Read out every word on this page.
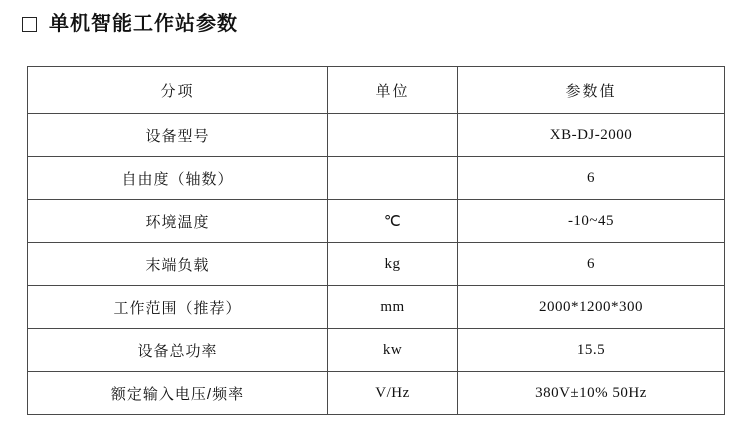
单机智能工作站参数
分项	单位	参数值
设备型号		XB-DJ-2000
自由度（轴数）		6
环境温度	℃	-10~45
末端负载	kg	6
工作范围（推荐）	mm	2000*1200*300
设备总功率	kw	15.5
额定输入电压/频率	V/Hz	380V±10% 50Hz
